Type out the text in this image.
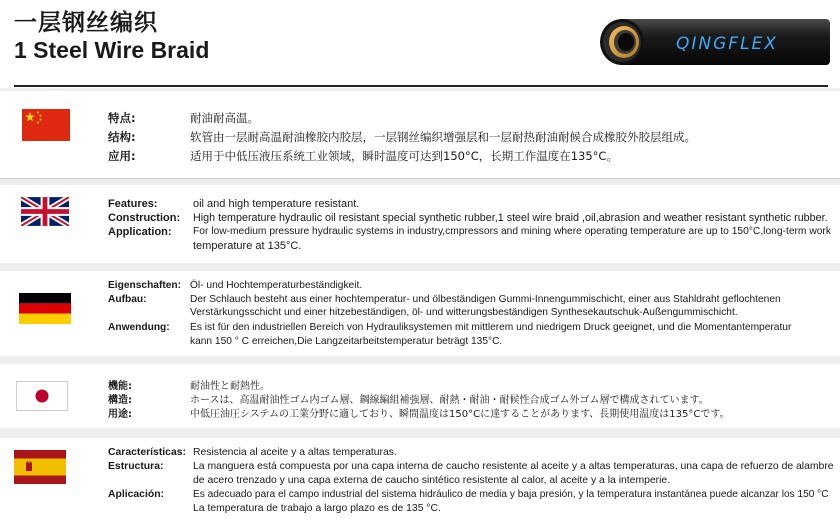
一层钢丝编织
1 Steel Wire Braid	QINGFLEX
特点:	耐油耐高温。
结构:	软管由一层耐高温耐油橡胶内胶层，一层钢丝编织增强层和一层耐热耐油耐候合成橡胶外胶层组成。
应用:	适用于中低压液压系统工业领域，瞬时温度可达到150°C，长期工作温度在135°C。
Features:	oil and high temperature resistant.
Construction: High temperature hydraulic oil resistant special synthetic rubber,1 steel wire braid ,oil,abrasion and weather resistant synthetic rubber.
Application: For low-medium pressure hydraulic systems in industry,cmpressors and mining where operating temperature are up to 150°C,long-term work
temperature at 135°C.
Eigenschaften: Öl- und Hochtemperaturbeständigkeit.
Aufbau:	Der Schlauch besteht aus einer hochtemperatur- und ölbeständigen Gummi-Innengummischicht, einer aus Stahldraht geflochtenen
Verstärkungsschicht und einer hitzebeständigen, öl- und witterungsbeständigen Synthesekautschuk-Außengummischicht.
Anwendung: Es ist für den industriellen Bereich von Hydrauliksystemen mit mittlerem und niedrigem Druck geeignet, und die Momentantemperatur
kann 150 ° C erreichen,Die Langzeitarbeitstemperatur beträgt 135°C.
機能:	耐油性と耐熱性。
構造:	ホースは、高温耐油性ゴム内ゴム層、鋼線編組補強層、耐熱・耐油・耐候性合成ゴム外ゴム層で構成されています。
用途:	中低圧油圧システムの工業分野に適しており、瞬間温度は150°Cに達することがあります、長期使用温度は135°Cです。
Características: Resistencia al aceite y a altas temperaturas.
Estructura:	La manguera está compuesta por una capa interna de caucho resistente al aceite y a altas temperaturas, una capa de refuerzo de alambre
de acero trenzado y una capa externa de caucho sintético resistente al calor, al aceite y a la intemperie.
Aplicación:	Es adecuado para el campo industrial del sistema hidráulico de media y baja presión, y la temperatura instantánea puede alcanzar los 150 °C
La temperatura de trabajo a largo plazo es de 135 °C.
